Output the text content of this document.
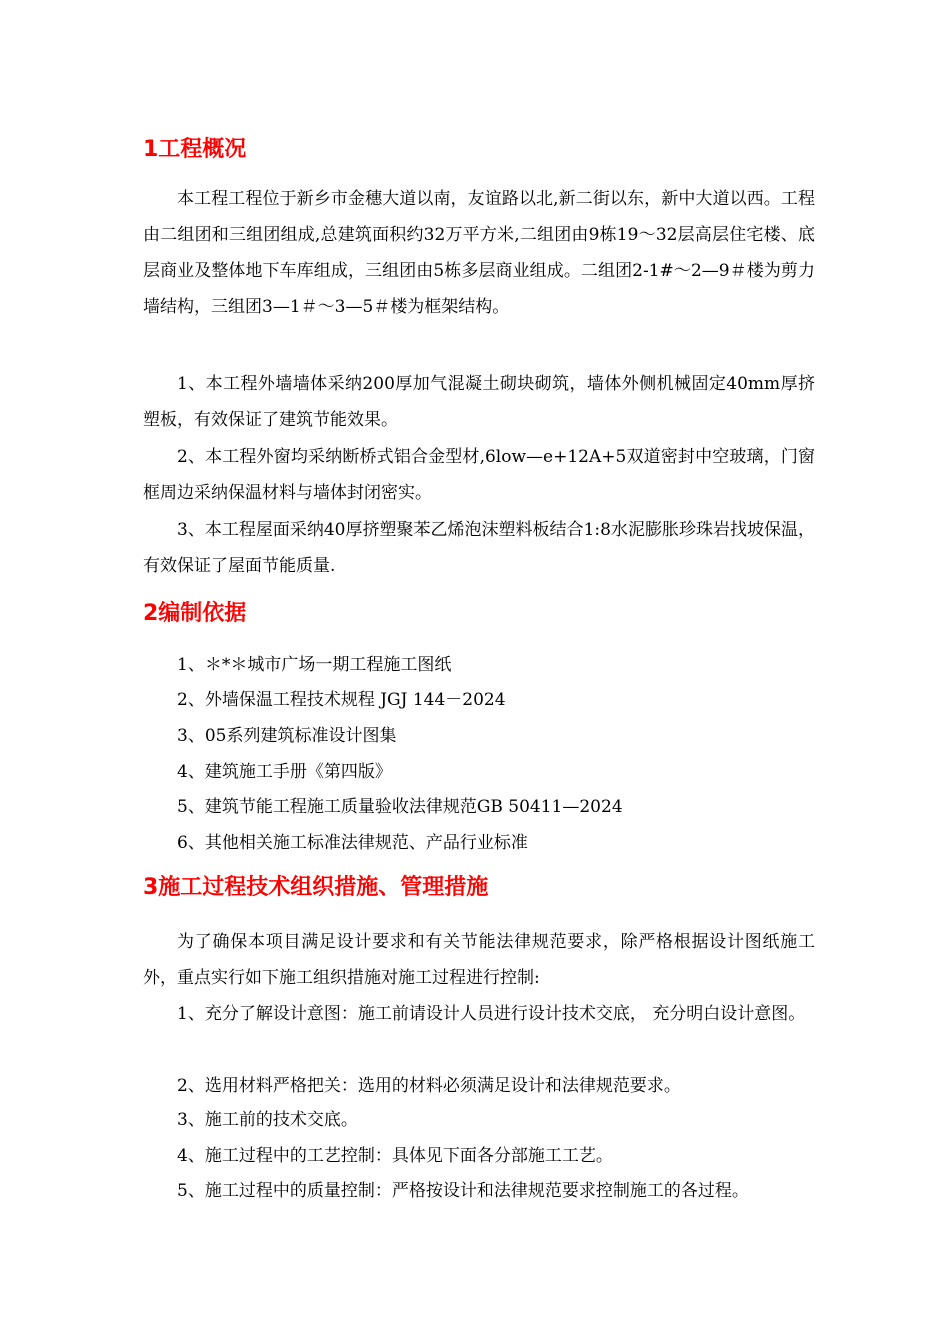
1工程概况

本工程工程位于新乡市金穗大道以南，友谊路以北,新二街以东，新中大道以西。工程由二组团和三组团组成,总建筑面积约32万平方米,二组团由9栋19～32层高层住宅楼、底层商业及整体地下车库组成，三组团由5栋多层商业组成。二组团2-1#～2—9＃楼为剪力墙结构，三组团3—1＃～3—5＃楼为框架结构。

1、本工程外墙墙体采纳200厚加气混凝土砌块砌筑，墙体外侧机械固定40mm厚挤塑板，有效保证了建筑节能效果。

2、本工程外窗均采纳断桥式铝合金型材,6low—e+12A+5双道密封中空玻璃，门窗框周边采纳保温材料与墙体封闭密实。

3、本工程屋面采纳40厚挤塑聚苯乙烯泡沫塑料板结合1:8水泥膨胀珍珠岩找坡保温，有效保证了屋面节能质量.

2编制依据

1、＊*＊城市广场一期工程施工图纸

2、外墙保温工程技术规程 JGJ 144－2024

3、05系列建筑标准设计图集

4、建筑施工手册《第四版》

5、建筑节能工程施工质量验收法律规范GB 50411—2024

6、其他相关施工标准法律规范、产品行业标准

3施工过程技术组织措施、管理措施

为了确保本项目满足设计要求和有关节能法律规范要求，除严格根据设计图纸施工外，重点实行如下施工组织措施对施工过程进行控制:

1、充分了解设计意图：施工前请设计人员进行设计技术交底， 充分明白设计意图。

2、选用材料严格把关：选用的材料必须满足设计和法律规范要求。

3、施工前的技术交底。

4、施工过程中的工艺控制：具体见下面各分部施工工艺。

5、施工过程中的质量控制：严格按设计和法律规范要求控制施工的各过程。
